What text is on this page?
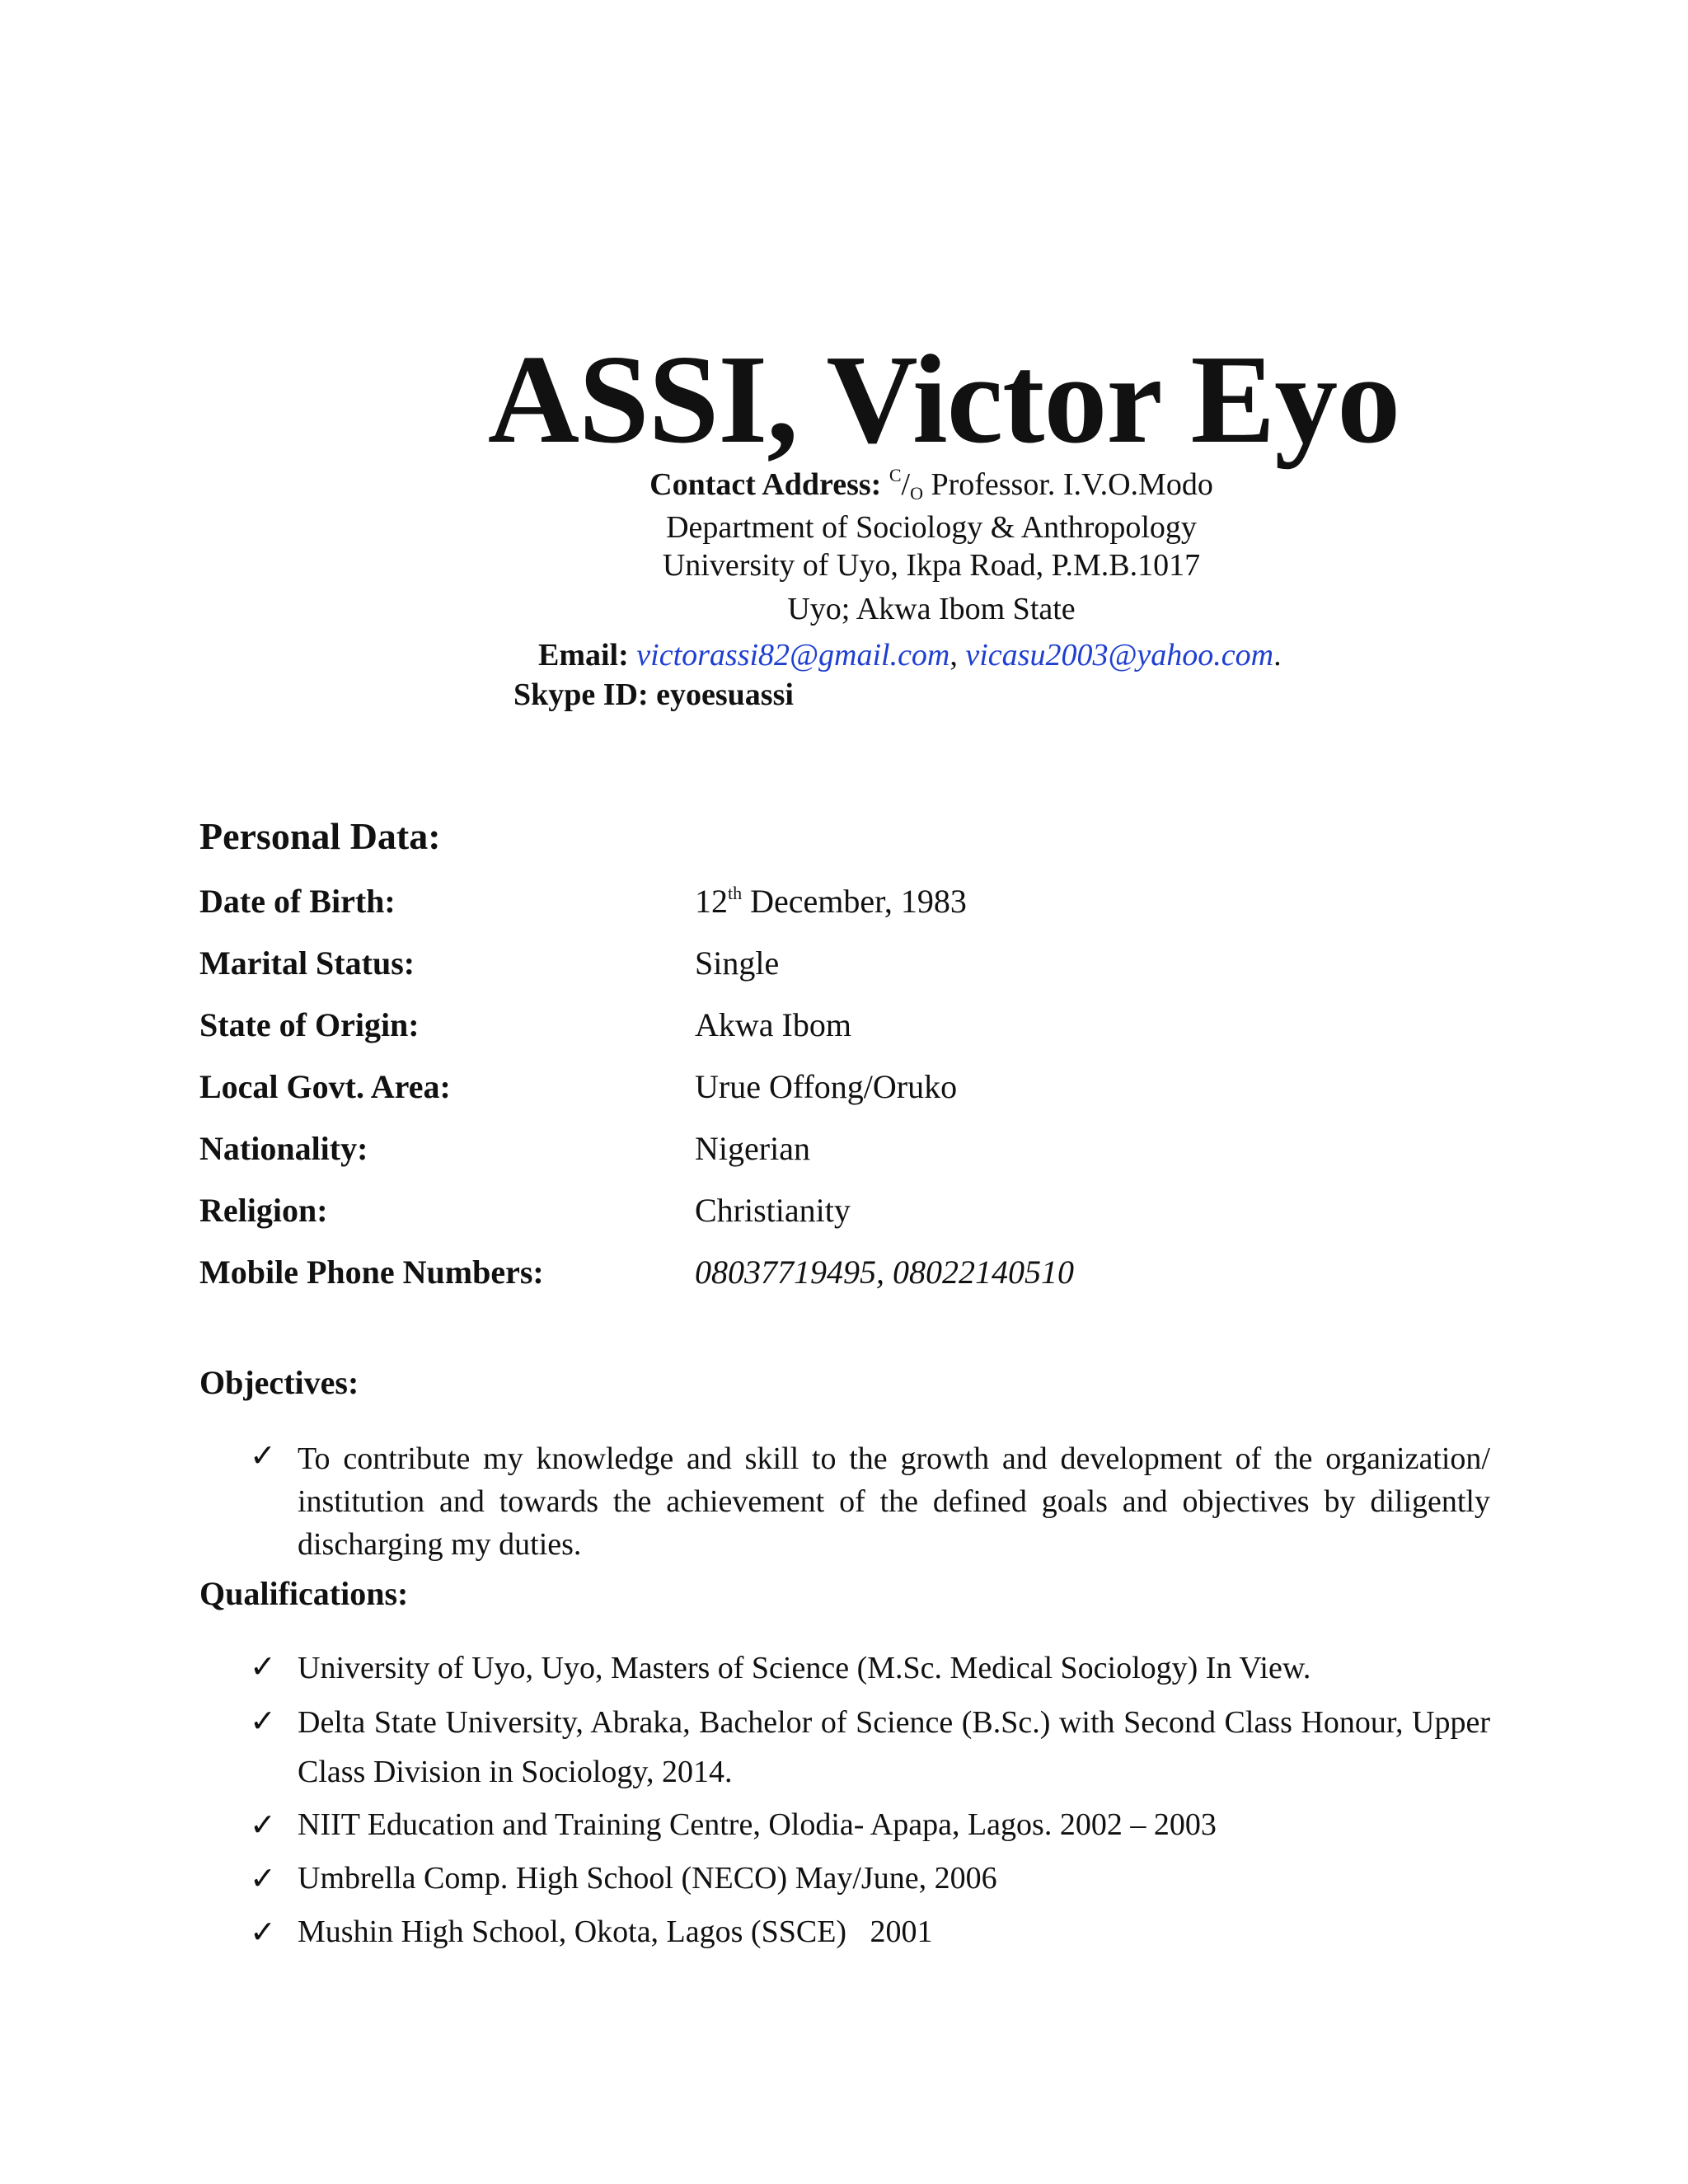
ASSI, Victor Eyo
Contact Address: $^C$/O Professor. I.V.O.Modo
Department of Sociology & Anthropology
University of Uyo, Ikpa Road, P.M.B.1017
Uyo; Akwa Ibom State
Email: victorassi82@gmail.com, vicasu2003@yahoo.com.
Skype ID: eyoesuassi
Personal Data:
Date of Birth:	12th December, 1983
Marital Status:	Single
State of Origin:	Akwa Ibom
Local Govt. Area:	Urue Offong/Oruko
Nationality:	Nigerian
Religion:	Christianity
Mobile Phone Numbers:	08037719495, 08022140510
Objectives:
✓ To contribute my knowledge and skill to the growth and development of the organization/ institution and towards the achievement of the defined goals and objectives by diligently discharging my duties.
Qualifications:
✓ University of Uyo, Uyo, Masters of Science (M.Sc. Medical Sociology) In View.
✓ Delta State University, Abraka, Bachelor of Science (B.Sc.) with Second Class Honour, Upper Class Division in Sociology, 2014.
✓ NIIT Education and Training Centre, Olodia- Apapa, Lagos. 2002 – 2003
✓ Umbrella Comp. High School (NECO) May/June, 2006
✓ Mushin High School, Okota, Lagos (SSCE)   2001
